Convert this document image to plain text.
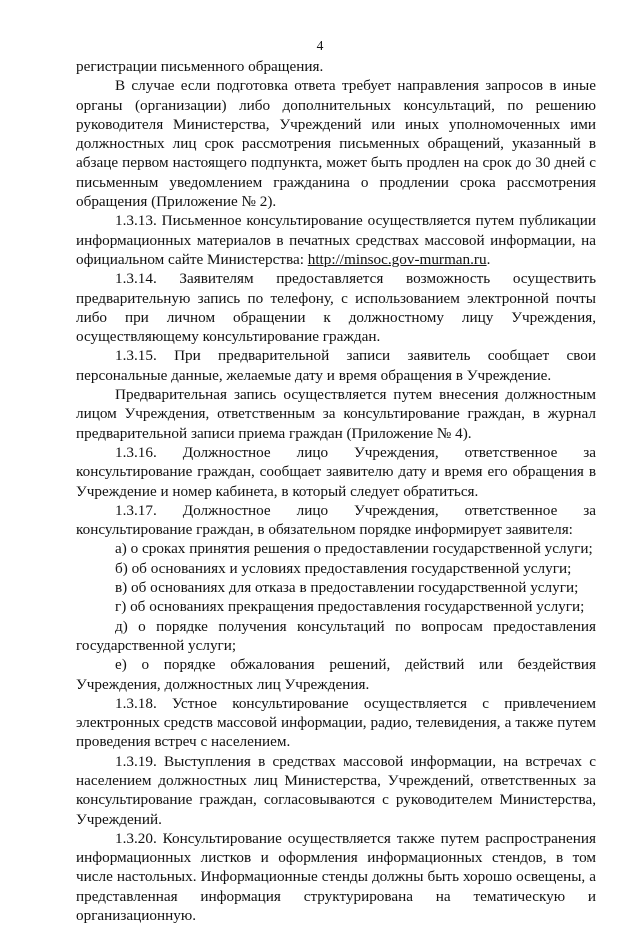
4

регистрации письменного обращения.

В случае если подготовка ответа требует направления запросов в иные органы (организации) либо дополнительных консультаций, по решению руководителя Министерства, Учреждений или иных уполномоченных ими должностных лиц срок рассмотрения письменных обращений, указанный в абзаце первом настоящего подпункта, может быть продлен на срок до 30 дней с письменным уведомлением гражданина о продлении срока рассмотрения обращения (Приложение № 2).

1.3.13. Письменное консультирование осуществляется путем публикации информационных материалов в печатных средствах массовой информации, на официальном сайте Министерства: http://minsoc.gov-murman.ru.

1.3.14. Заявителям предоставляется возможность осуществить предварительную запись по телефону, с использованием электронной почты либо при личном обращении к должностному лицу Учреждения, осуществляющему консультирование граждан.

1.3.15. При предварительной записи заявитель сообщает свои персональные данные, желаемые дату и время обращения в Учреждение.

Предварительная запись осуществляется путем внесения должностным лицом Учреждения, ответственным за консультирование граждан, в журнал предварительной записи приема граждан (Приложение № 4).

1.3.16. Должностное лицо Учреждения, ответственное за консультирование граждан, сообщает заявителю дату и время его обращения в Учреждение и номер кабинета, в который следует обратиться.

1.3.17. Должностное лицо Учреждения, ответственное за консультирование граждан, в обязательном порядке информирует заявителя:

а) о сроках принятия решения о предоставлении государственной услуги;

б) об основаниях и условиях предоставления государственной услуги;

в) об основаниях для отказа в предоставлении государственной услуги;

г) об основаниях прекращения предоставления государственной услуги;

д) о порядке получения консультаций по вопросам предоставления государственной услуги;

е) о порядке обжалования решений, действий или бездействия Учреждения, должностных лиц Учреждения.

1.3.18. Устное консультирование осуществляется с привлечением электронных средств массовой информации, радио, телевидения, а также путем проведения встреч с населением.

1.3.19. Выступления в средствах массовой информации, на встречах с населением должностных лиц Министерства, Учреждений, ответственных за консультирование граждан, согласовываются с руководителем Министерства, Учреждений.

1.3.20. Консультирование осуществляется также путем распространения информационных листков и оформления информационных стендов, в том числе настольных. Информационные стенды должны быть хорошо освещены, а представленная информация структурирована на тематическую и организационную.
